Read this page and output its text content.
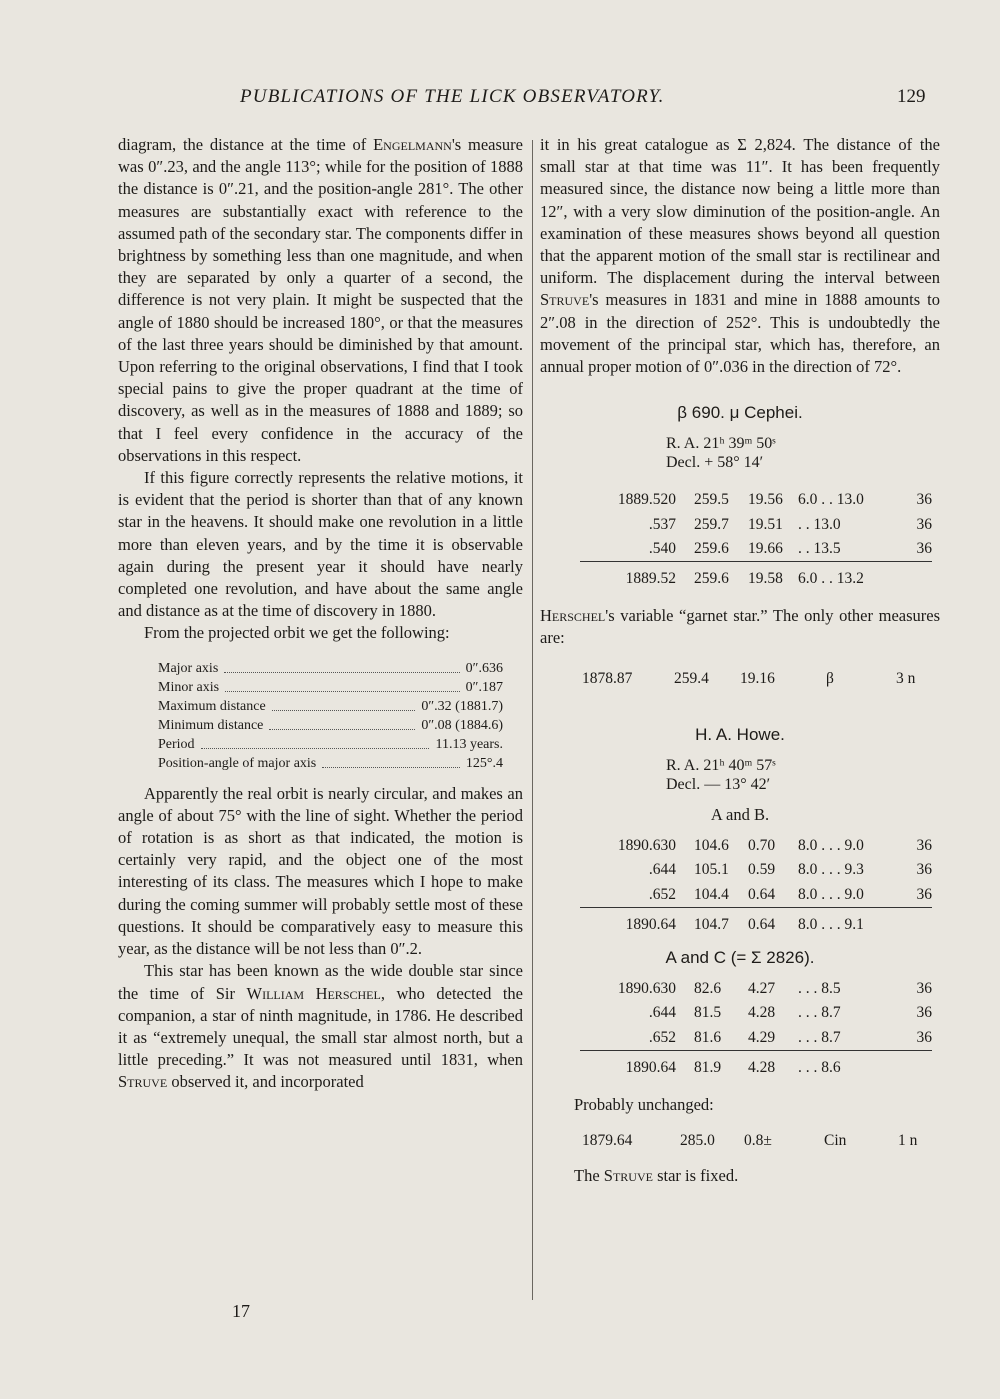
PUBLICATIONS OF THE LICK OBSERVATORY.	129

diagram, the distance at the time of Engelmann's measure was 0″.23, and the angle 113°; while for the position of 1888 the distance is 0″.21, and the position-angle 281°. The other measures are substantially exact with reference to the assumed path of the secondary star. The components differ in brightness by something less than one magnitude, and when they are separated by only a quarter of a second, the difference is not very plain. It might be suspected that the angle of 1880 should be increased 180°, or that the measures of the last three years should be diminished by that amount. Upon referring to the original observations, I find that I took special pains to give the proper quadrant at the time of discovery, as well as in the measures of 1888 and 1889; so that I feel every confidence in the accuracy of the observations in this respect.

If this figure correctly represents the relative motions, it is evident that the period is shorter than that of any known star in the heavens. It should make one revolution in a little more than eleven years, and by the time it is observable again during the present year it should have nearly completed one revolution, and have about the same angle and distance as at the time of discovery in 1880.

From the projected orbit we get the following:

Major axis	0″.636
Minor axis	0″.187
Maximum distance	0″.32 (1881.7)
Minimum distance	0″.08 (1884.6)
Period	11.13 years.
Position-angle of major axis	125°.4

Apparently the real orbit is nearly circular, and makes an angle of about 75° with the line of sight. Whether the period of rotation is as short as that indicated, the motion is certainly very rapid, and the object one of the most interesting of its class. The measures which I hope to make during the coming summer will probably settle most of these questions. It should be comparatively easy to measure this year, as the distance will be not less than 0″.2.

This star has been known as the wide double star since the time of Sir William Herschel, who detected the companion, a star of ninth magnitude, in 1786. He described it as “extremely unequal, the small star almost north, but a little preceding.” It was not measured until 1831, when Struve observed it, and incorporated

17

it in his great catalogue as Σ 2,824. The distance of the small star at that time was 11″. It has been frequently measured since, the distance now being a little more than 12″, with a very slow diminution of the position-angle. An examination of these measures shows beyond all question that the apparent motion of the small star is rectilinear and uniform. The displacement during the interval between Struve's measures in 1831 and mine in 1888 amounts to 2″.08 in the direction of 252°. This is undoubtedly the movement of the principal star, which has, therefore, an annual proper motion of 0″.036 in the direction of 72°.

β 690. μ Cephei.
R. A. 21ʰ 39ᵐ 50ˢ
Decl. + 58° 14′
1889.520	259.5	19.56	6.0 . . 13.0	36
.537	259.7	19.51	. . 13.0	36
.540	259.6	19.66	. . 13.5	36
1889.52	259.6	19.58	6.0 . . 13.2	

Herschel's variable “garnet star.” The only other measures are:

1878.87	259.4	19.16	β	3 n
H. A. Howe.
R. A. 21ʰ 40ᵐ 57ˢ
Decl. — 13° 42′
A and B.
1890.630	104.6	0.70	8.0 . . . 9.0	36
.644	105.1	0.59	8.0 . . . 9.3	36
.652	104.4	0.64	8.0 . . . 9.0	36
1890.64	104.7	0.64	8.0 . . . 9.1	
A and C (= Σ 2826).
1890.630	82.6	4.27	. . . 8.5	36
.644	81.5	4.28	. . . 8.7	36
.652	81.6	4.29	. . . 8.7	36
1890.64	81.9	4.28	. . . 8.6	

Probably unchanged:

1879.64	285.0	0.8±	Cin	1 n

The Struve star is fixed.
